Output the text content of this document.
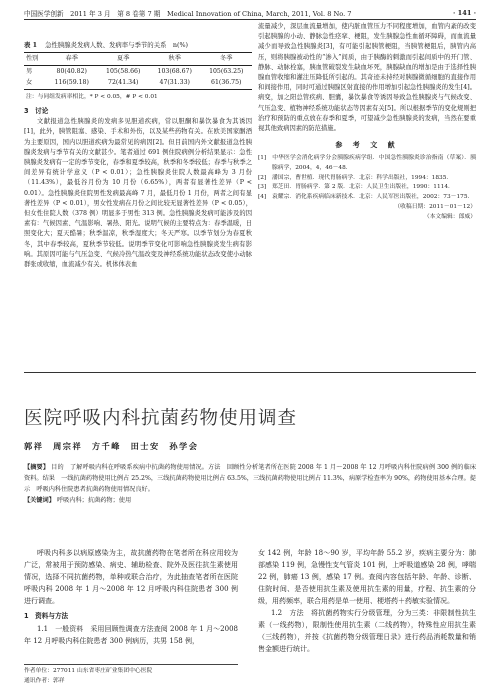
中国医学创新　2011 年 3 月　第 8 卷第 7 期　Medical Innovation of China, March, 2011, Vol. 8 No. 7	· 141 ·
表 1 急性胰腺炎发病人数、发病率与季节的关系　n(%)
性别	春季	夏季	秋季	冬季
男	80(40.82)	105(58.66)	103(68.67)	105(63.25)
女	116(59.18)	72(41.34)	47(31.33)	61(36.75)
注：与同组发病率相比，* P < 0.05，# P < 0.01
3　讨论

文献报道急性胰腺炎的发病多见胆道疾病，常以胆酮和暴饮暴食为其诱因[1]，此外，胰管阻塞、感染、手术和外伤，以及某些药物有关。在欧美国家酗酒为主要原因，国内以胆道疾病为最常见的病因[2]。但目前国内外文献报道急性胰腺炎发病与季节有关的文献甚少。笔者通过 691 例住院病例分析结果显示：急性胰腺炎发病有一定的季节变化，春季和夏季较高，秋季和冬季较低；春季与秋季之间差异有统计学意义（P < 0.01）；急性胰腺炎住院人数最高峰为 3 月份（11.43%），最低谷月份为 10 月份（6.65%），两者有显著性差异（P < 0.01）。急性胰腺炎住院男性发病最高峰 7 月，最低月份 1 月份，两者之间有显著性差异（P < 0.01），男女性发病在月份之间比较无显著性差异（P < 0.05），但女性住院人数（378 例）明显多于男性 313 例。急性胰腺炎发病可能涉及的因素有：气候因素、气温影响、暑热、阳光。说明气候的主要特点为：春季温暖，日照变化大；夏天酷暑；秋季温凉，秋季湿度大；冬天严寒。以季节划分为春夏秋冬，其中春季较高，夏秋季节较低。说明季节变化可影响急性胰腺炎发生病有影响。其原因可能与气压急变、气候冷热气温改变及神经系统功能状态改变使小动脉群张或收缩，血流减少有关。机体体表血

流量减少，深层血流量增加，使内脏血管压力不同程度增加，血管内紊的改变引起胰腺的小动、静脉急性痉挛、梗阻，发生胰腺急性血循环障碍，而血流量减少而导致急性胰腺炎[3]，有可能引起胰管梗阻，当胰管梗阻后，胰管内高压，则将胰腺被动性的“渗入”间质，由于胰酶的刺激而引起间质中的开门管、静脉、动脉栓塞，胰血管破裂发生缺血坏死，胰腺缺血的增加是由于选择性胰腺血管收缩和灌注压降低所引起的。其奇迹未持经对胰腺微循细胞的直接作用和间接作用，同时可通过胰腺区射直接的作用增加引起急性胰腺炎的发生[4]。病变，加之阳总管疾病、胆囊，暴饮暴食等诱因导致急性胰腺炎与气候改变、气压急变、植物神经系统功能状态等因素有关[5]。所以根据季节的变化规则把治疗和预防的重点放在春季和夏季，可望减少急性胰腺炎的发病，当然在要重视其他致病因素的防范措施。

参 考 文 献
[1]　中华医学会消化病学分会胰腺疾病学组．中国急性胰腺炎诊治指南（草案）．胰腺病学，2004，4，46－48．
[2]　潘国宗，曹世植．现代胃肠病学．北京：科学出版社，1994：1835．
[3]　郑芝田．胃肠病学．第 2 版．北京：人民卫生出版社，1990：1114．
[4]　袁耀宗．消化系疾病临床新技术．北京：人民军医出版社，2002：73－175．
（收稿日期：2011－01－12）
（本文编辑：郎威）
医院呼吸内科抗菌药物使用调查
郭祥　周宗祥　方千峰　田士安　孙学会
【摘要】 目的　了解呼吸内科在呼吸系疾病中抗菌药物使用情况。方法　回顾性分析笔者所在医院 2008 年 1 月～2008 年 12 月呼吸内科住院病例 300 例的临床资料。结果　一线抗菌药物使用比例占 25.2%，三线抗菌药物使用比例占 63.5%，三线抗菌药物使用比例占 11.3%，病原学检查率为 90%，药物使用基本合理。提示　呼吸内科住院患者抗菌药物使用情况良好。
【关键词】 呼吸内科；抗菌药物；使用

呼吸内科多以病原感染为主，故抗菌药物在笔者所在科应用较为广泛，常被用于预防感染、病史、辅助检查、院外及医往抗生素使用情况，选择不同抗菌药物，单种或联合治疗，为此抽查笔者所在医院呼吸内科 2008 年 1 月～2008 年 12 月呼吸内科住院患者 300 例进行调查。

1　资料与方法

1.1　一般资料　采用回顾性调查方法查阅 2008 年 1 月～2008 年 12 月呼吸内科住院患者 300 例病历，共男 158 例，

作者单位：277011 山东省枣庄矿业集团中心医院
通讯作者：郭祥

女 142 例，年龄 18～90 岁，平均年龄 55.2 岁，疾病主要分为：肺部感染 119 例，急慢性支气管炎 101 例，上呼吸道感染 28 例，哮喘 22 例，肺癌 13 例，感染 17 例。查阅内容包括年龄、年龄、诊断、住院时间、是否使用抗生素及使用抗生素的用量，疗程、抗生素的分级，用药频率，联合用药是单一使用、梗塔药＋药敏实验情况。

1.2　方法　将抗菌药物实行分级管理，分为三类：非限制性抗生素（一线药物），限制性使用抗生素（二线药物），特殊性应用抗生素（三线药物），并按《抗菌药物分级管理日录》进行药品消耗数量和销售金额进行统计。
